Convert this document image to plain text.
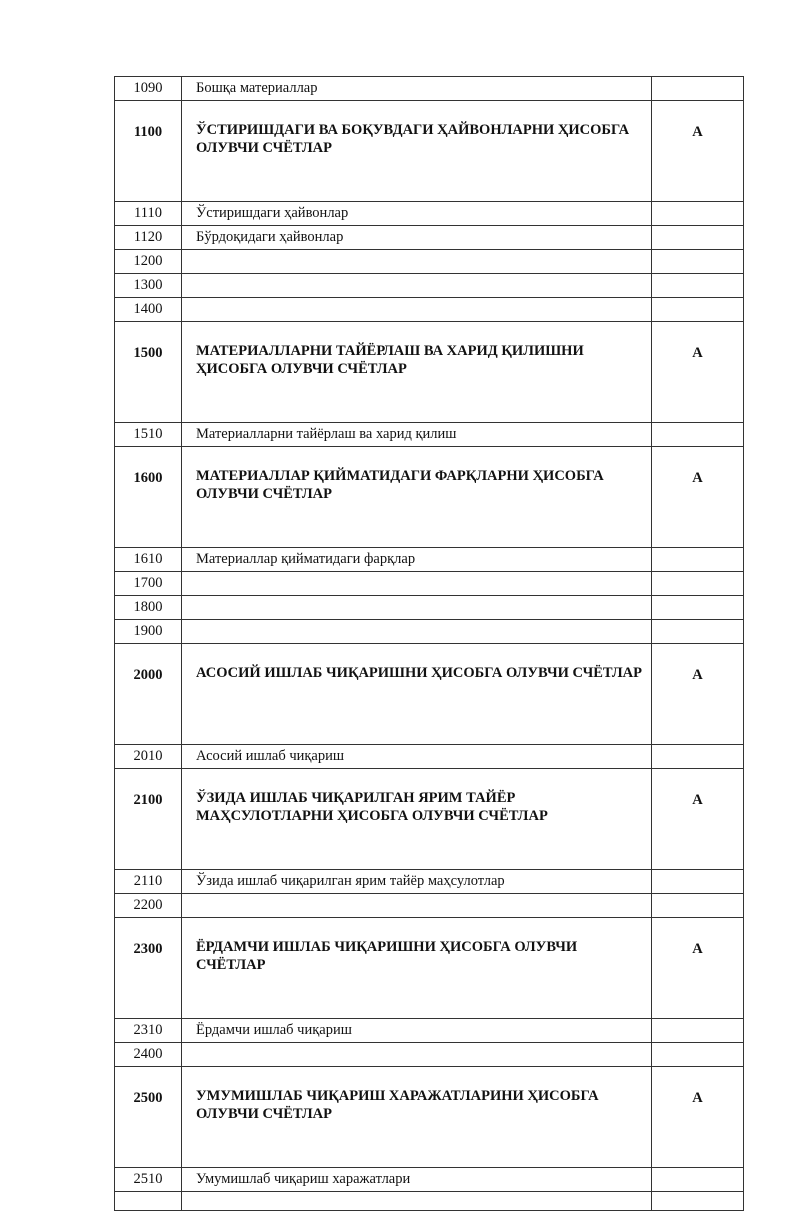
1090	Бошқа материаллар	
1100	ЎСТИРИШДАГИ ВА БОҚУВДАГИ ҲАЙВОНЛАРНИ ҲИСОБГА ОЛУВЧИ СЧЁТЛАР	А
1110	Ўстиришдаги ҳайвонлар	
1120	Бўрдоқидаги ҳайвонлар	
1200		
1300		
1400		
1500	МАТЕРИАЛЛАРНИ ТАЙЁРЛАШ ВА ХАРИД ҚИЛИШНИ ҲИСОБГА ОЛУВЧИ СЧЁТЛАР	А
1510	Материалларни тайёрлаш ва харид қилиш	
1600	МАТЕРИАЛЛАР ҚИЙМАТИДАГИ ФАРҚЛАРНИ ҲИСОБГА ОЛУВЧИ СЧЁТЛАР	А
1610	Материаллар қийматидаги фарқлар	
1700		
1800		
1900		
2000	АСОСИЙ ИШЛАБ ЧИҚАРИШНИ ҲИСОБГА ОЛУВЧИ СЧЁТЛАР	А
2010	Асосий ишлаб чиқариш	
2100	ЎЗИДА ИШЛАБ ЧИҚАРИЛГАН ЯРИМ ТАЙЁР МАҲСУЛОТЛАРНИ ҲИСОБГА ОЛУВЧИ СЧЁТЛАР	А
2110	Ўзида ишлаб чиқарилган ярим тайёр маҳсулотлар	
2200		
2300	ЁРДАМЧИ ИШЛАБ ЧИҚАРИШНИ ҲИСОБГА ОЛУВЧИ СЧЁТЛАР	А
2310	Ёрдамчи ишлаб чиқариш	
2400		
2500	УМУМИШЛАБ ЧИҚАРИШ ХАРАЖАТЛАРИНИ ҲИСОБГА ОЛУВЧИ СЧЁТЛАР	А
2510	Умумишлаб чиқариш харажатлари	
